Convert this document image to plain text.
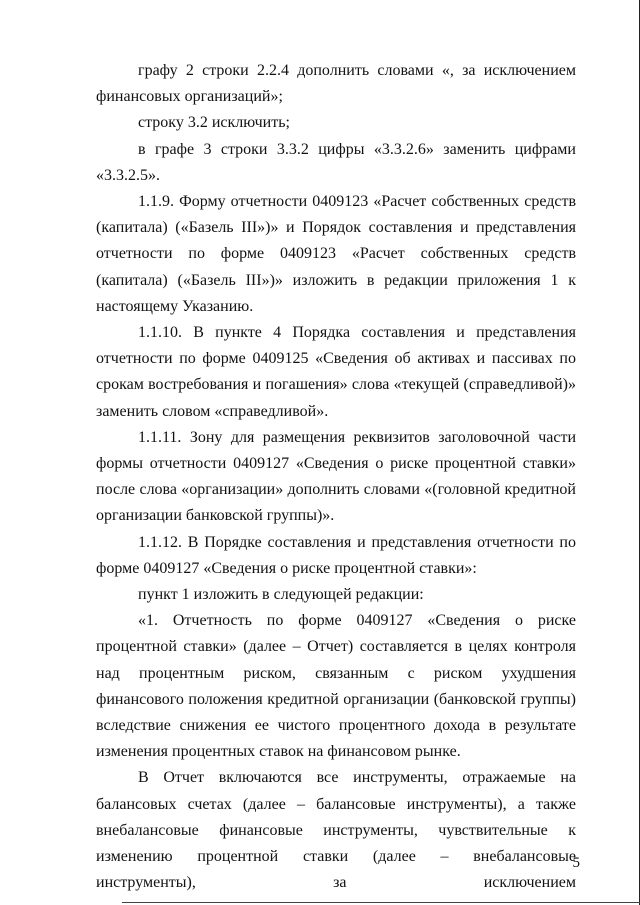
графу 2 строки 2.2.4 дополнить словами «, за исключением финансовых организаций»;

строку 3.2 исключить;

в графе 3 строки 3.3.2 цифры «3.3.2.6» заменить цифрами «3.3.2.5».

1.1.9. Форму отчетности 0409123 «Расчет собственных средств (капитала) («Базель III»)» и Порядок составления и представления отчетности по форме 0409123 «Расчет собственных средств (капитала) («Базель III»)» изложить в редакции приложения 1 к настоящему Указанию.

1.1.10. В пункте 4 Порядка составления и представления отчетности по форме 0409125 «Сведения об активах и пассивах по срокам востребования и погашения» слова «текущей (справедливой)» заменить словом «справедливой».

1.1.11. Зону для размещения реквизитов заголовочной части формы отчетности 0409127 «Сведения о риске процентной ставки» после слова «организации» дополнить словами «(головной кредитной организации банковской группы)».

1.1.12. В Порядке составления и представления отчетности по форме 0409127 «Сведения о риске процентной ставки»:

пункт 1 изложить в следующей редакции:

«1. Отчетность по форме 0409127 «Сведения о риске процентной ставки» (далее – Отчет) составляется в целях контроля над процентным риском, связанным с риском ухудшения финансового положения кредитной организации (банковской группы) вследствие снижения ее чистого процентного дохода в результате изменения процентных ставок на финансовом рынке.

В Отчет включаются все инструменты, отражаемые на балансовых счетах (далее – балансовые инструменты), а также внебалансовые финансовые инструменты, чувствительные к изменению процентной ставки (далее – внебалансовые инструменты), за исключением

5
